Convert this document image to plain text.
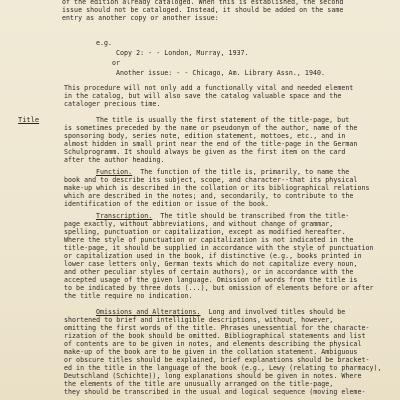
of the edition already cataloged. When this is established, the second
issue should not be cataloged. Instead, it should be added on the same
entry as another copy or another issue:
e.g.
Copy 2: - - London, Murray, 1937.
or
Another issue: - - Chicago, Am. Library Assn., 1940.
This procedure will not only add a functionally vital and needed element
in the catalog, but will also save the catalog valuable space and the
cataloger precious time.
Title	The title is usually the first statement of the title-page, but
is sometimes preceded by the name or pseudonym of the author, name of the
sponsoring body, series note, edition statement, mottoes, etc., and in
almost hidden in small print near the end of the title-page in the German
Schulprogramm. It should always be given as the first item on the card
after the author heading.
Function. The function of the title is, primarily, to name the
book and to describe its subject, scope, and character--that its physical
make-up which is described in the collation or its bibliographical relations
which are described in the notes; and, secondarily, to contribute to the
identification of the edition or issue of the book.
Transcription. The title should be transcribed from the title-
page exactly, without abbreviations, and without change of grammar,
spelling, punctuation or capitalization, except as modified hereafter.
Where the style of punctuation or capitalization is not indicated in the
title-page, it should be supplied in accordance with the style of punctuation
or capitalization used in the book, if distinctive (e.g., books printed in
lower case letters only, German texts which do not capitalize every noun,
and other peculiar styles of certain authors), or in accordance with the
accepted usage of the given language. Omission of words from the title is
to be indicated by three dots (...), but omission of elements before or after
the title require no indication.
Omissions and Alterations. Long and involved titles should be
shortened to brief and intelligible descriptions, without, however,
omitting the first words of the title. Phrases unessential for the characte-
rization of the book should be omitted. Bibliographical statements and list
of contents are to be given in notes, and elements describing the physical
make-up of the book are to be given in the collation statement. Ambiguous
or obscure titles should be explained, brief explanations should be bracket-
ed in the title in the language of the book (e.g., Lewy (relating to pharmacy),
Deutschland (Schichte)), long explanations should be given in notes. Where
the elements of the title are unusually arranged on the title-page,
they should be transcribed in the usual and logical sequence (moving eleme-
